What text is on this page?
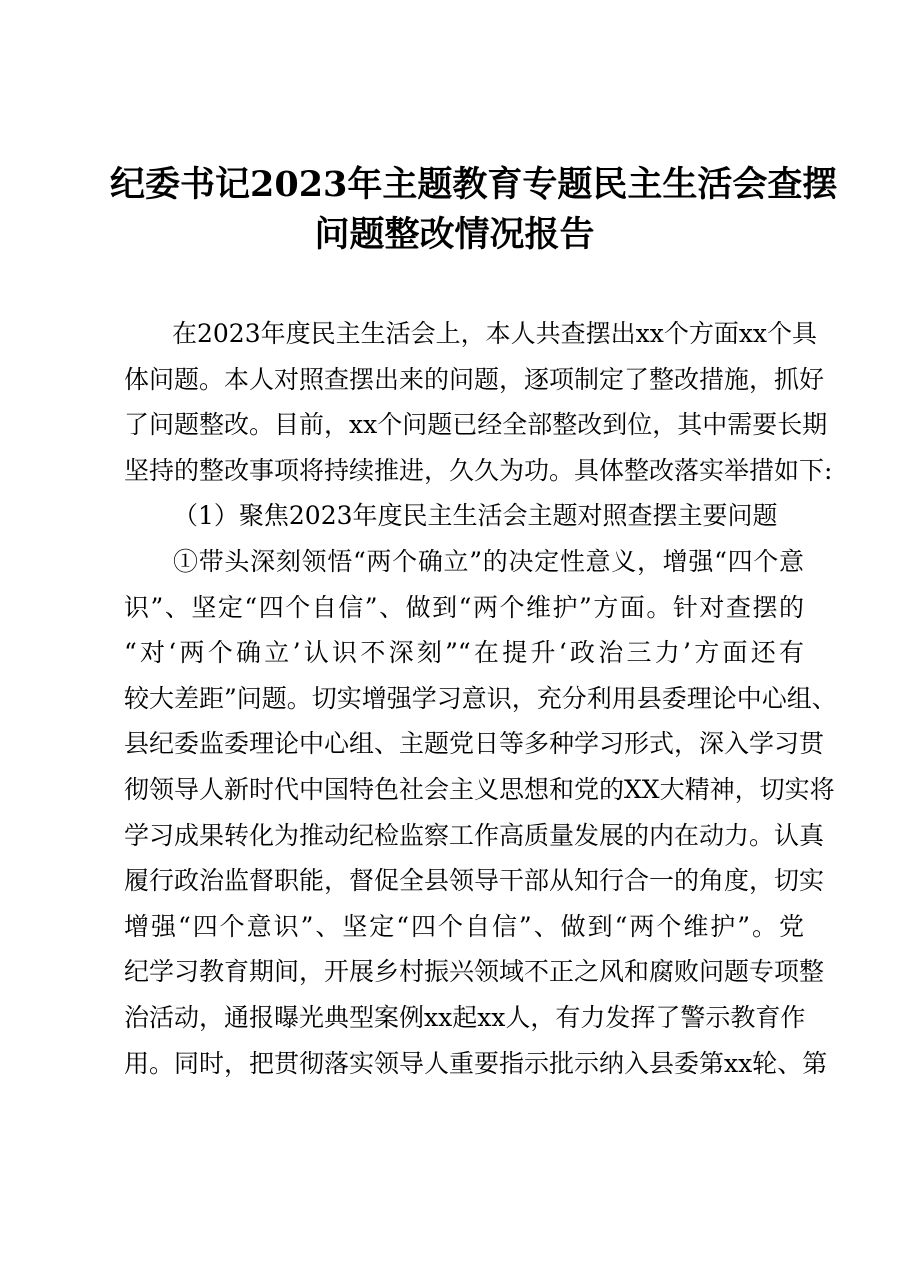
纪委书记2023年主题教育专题民主生活会查摆
问题整改情况报告
在2023年度民主生活会上，本人共查摆出xx个方面xx个具
体问题。本人对照查摆出来的问题，逐项制定了整改措施，抓好
了问题整改。目前，xx个问题已经全部整改到位，其中需要长期
坚持的整改事项将持续推进，久久为功。具体整改落实举措如下:
（1）聚焦2023年度民主生活会主题对照查摆主要问题
①带头深刻领悟“两个确立”的决定性意义，增强“四个意
识”、坚定“四个自信”、做到“两个维护”方面。针对查摆的
“对‘两个确立’认识不深刻”“在提升‘政治三力’方面还有
较大差距”问题。切实增强学习意识，充分利用县委理论中心组、
县纪委监委理论中心组、主题党日等多种学习形式，深入学习贯
彻领导人新时代中国特色社会主义思想和党的XX大精神，切实将
学习成果转化为推动纪检监察工作高质量发展的内在动力。认真
履行政治监督职能，督促全县领导干部从知行合一的角度，切实
增强“四个意识”、坚定“四个自信”、做到“两个维护”。党
纪学习教育期间，开展乡村振兴领域不正之风和腐败问题专项整
治活动，通报曝光典型案例xx起xx人，有力发挥了警示教育作
用。同时，把贯彻落实领导人重要指示批示纳入县委第xx轮、第
